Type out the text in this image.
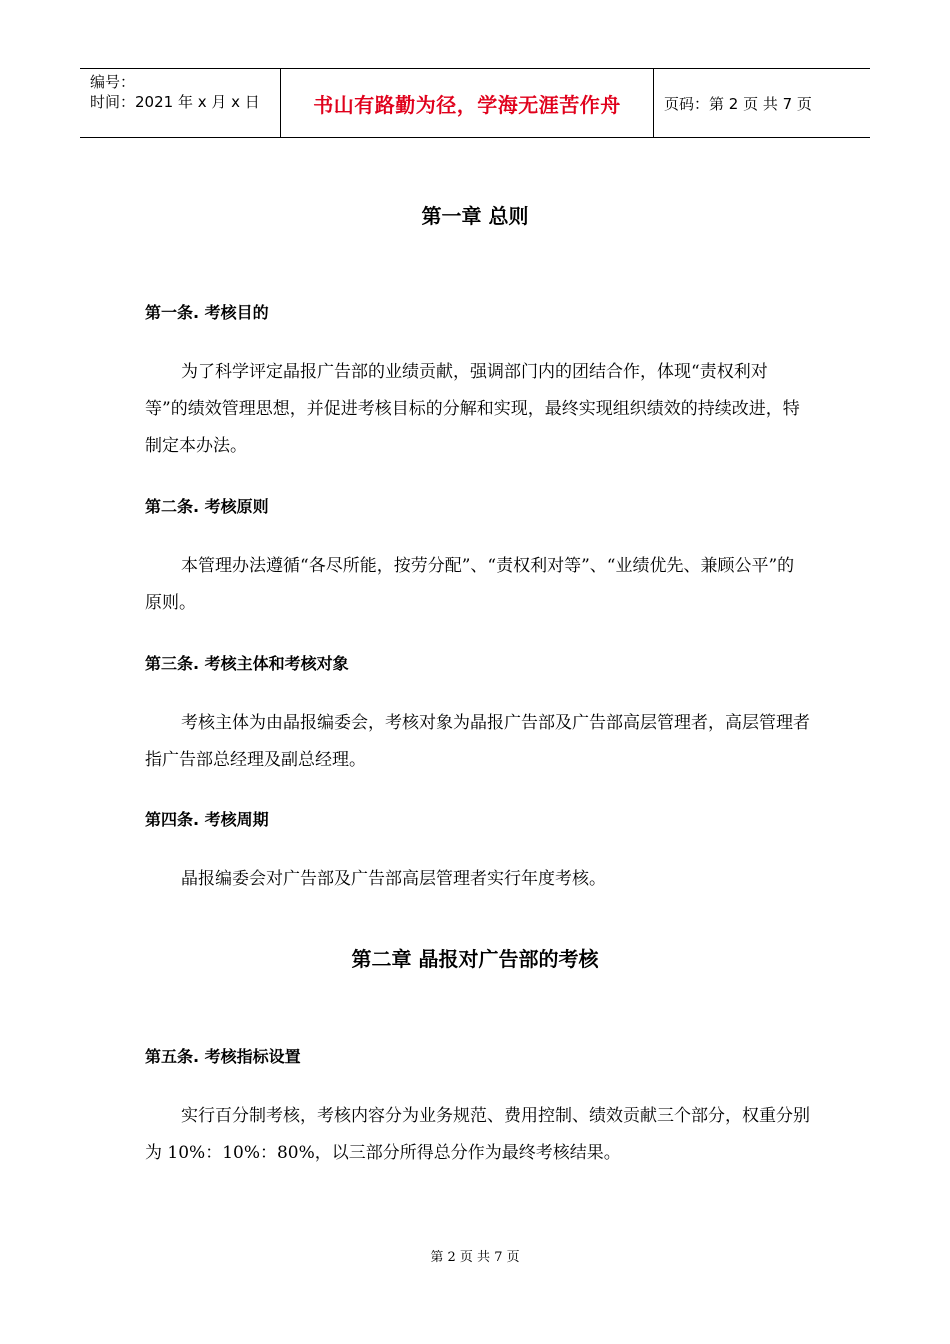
编号：
时间：2021 年 x 月 x 日	书山有路勤为径，学海无涯苦作舟	页码：第 2 页 共 7 页
第一章 总则
第一条. 考核目的
为了科学评定晶报广告部的业绩贡献，强调部门内的团结合作，体现“责权利对等”的绩效管理思想，并促进考核目标的分解和实现，最终实现组织绩效的持续改进，特制定本办法。
第二条. 考核原则
本管理办法遵循“各尽所能，按劳分配”、“责权利对等”、“业绩优先、兼顾公平”的原则。
第三条. 考核主体和考核对象
考核主体为由晶报编委会，考核对象为晶报广告部及广告部高层管理者，高层管理者指广告部总经理及副总经理。
第四条. 考核周期
晶报编委会对广告部及广告部高层管理者实行年度考核。
第二章 晶报对广告部的考核
第五条. 考核指标设置
实行百分制考核，考核内容分为业务规范、费用控制、绩效贡献三个部分，权重分别为 10%：10%：80%，以三部分所得总分作为最终考核结果。
第 2 页 共 7 页
